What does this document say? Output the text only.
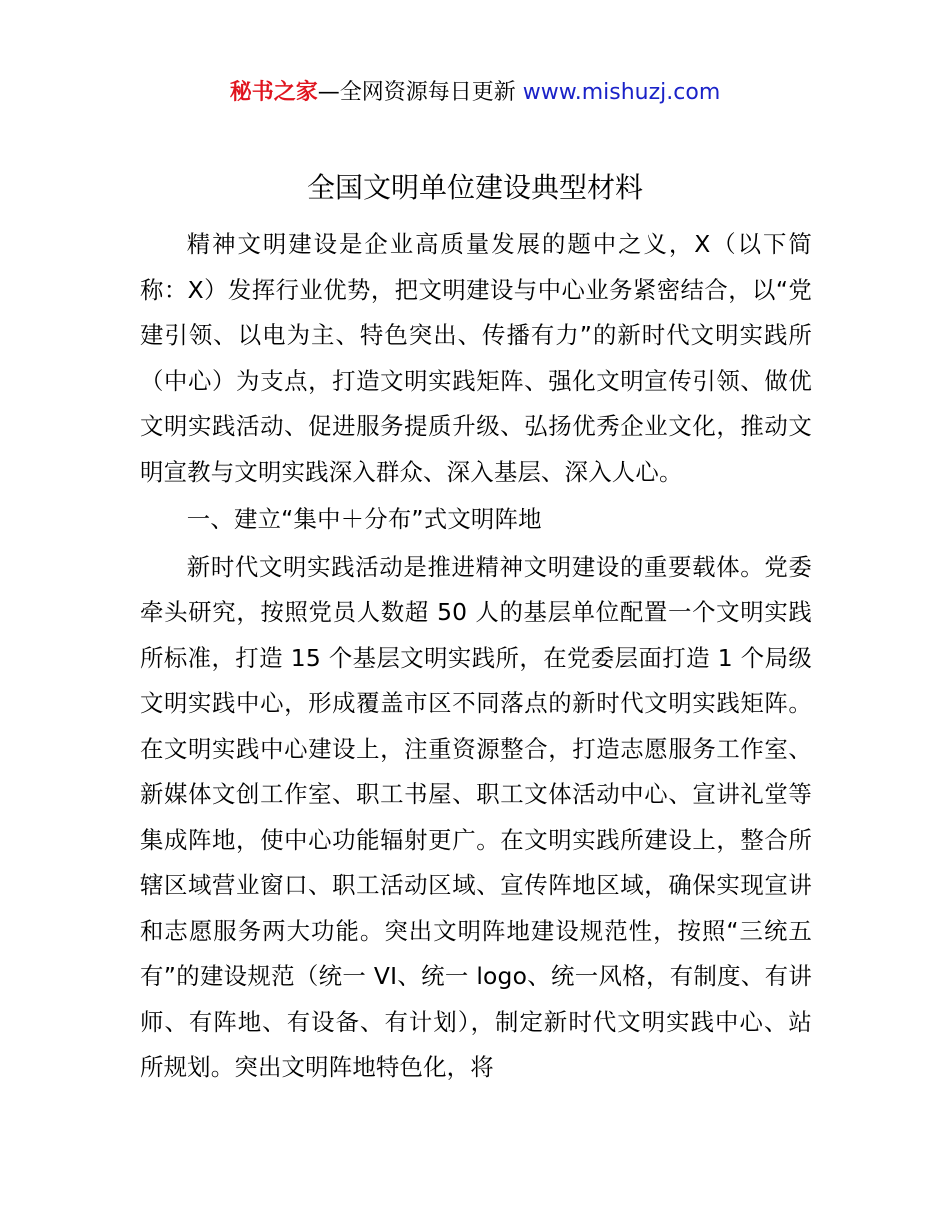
秘书之家—全网资源每日更新 www.mishuzj.com
全国文明单位建设典型材料

精神文明建设是企业高质量发展的题中之义，X（以下简称：X）发挥行业优势，把文明建设与中心业务紧密结合，以“党建引领、以电为主、特色突出、传播有力”的新时代文明实践所（中心）为支点，打造文明实践矩阵、强化文明宣传引领、做优文明实践活动、促进服务提质升级、弘扬优秀企业文化，推动文明宣教与文明实践深入群众、深入基层、深入人心。

一、建立“集中＋分布”式文明阵地

新时代文明实践活动是推进精神文明建设的重要载体。党委牵头研究，按照党员人数超 50 人的基层单位配置一个文明实践所标准，打造 15 个基层文明实践所，在党委层面打造 1 个局级文明实践中心，形成覆盖市区不同落点的新时代文明实践矩阵。在文明实践中心建设上，注重资源整合，打造志愿服务工作室、新媒体文创工作室、职工书屋、职工文体活动中心、宣讲礼堂等集成阵地，使中心功能辐射更广。在文明实践所建设上，整合所辖区域营业窗口、职工活动区域、宣传阵地区域，确保实现宣讲和志愿服务两大功能。突出文明阵地建设规范性，按照“三统五有”的建设规范（统一 VI、统一 logo、统一风格，有制度、有讲师、有阵地、有设备、有计划），制定新时代文明实践中心、站所规划。突出文明阵地特色化，将
